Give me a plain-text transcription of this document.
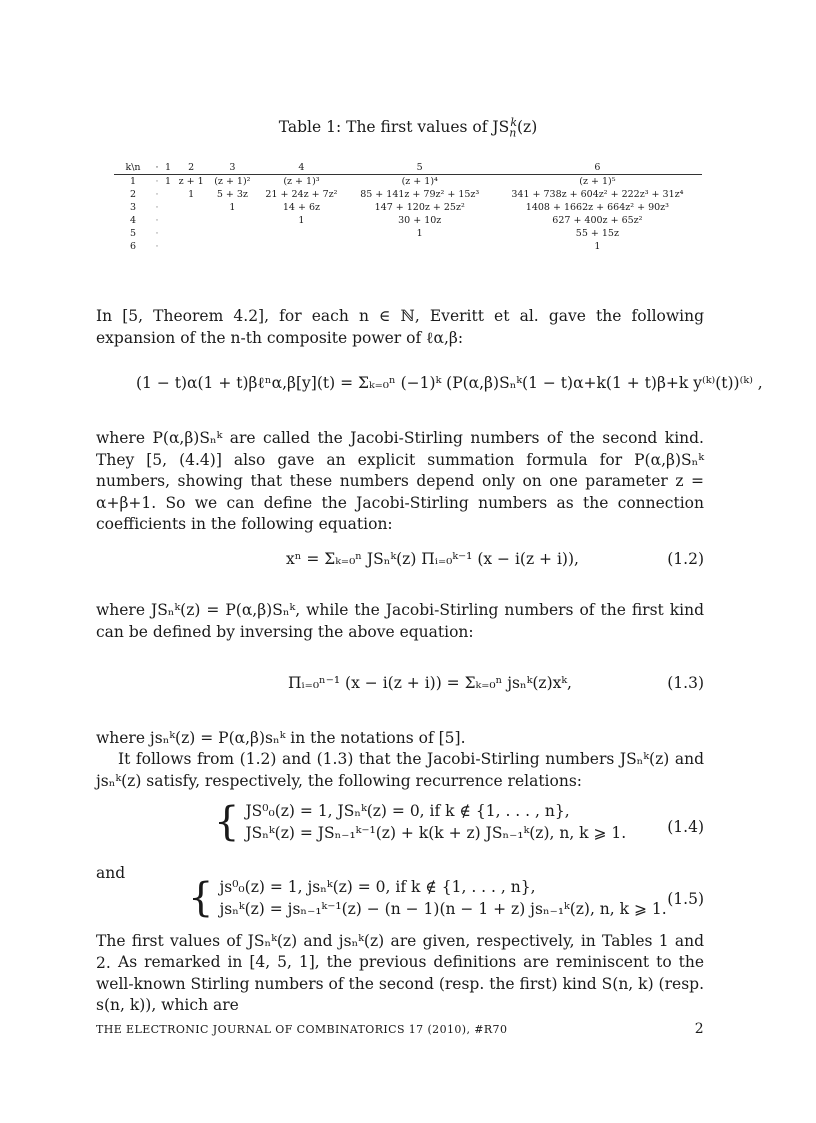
Table 1: The first values of $JS_n^k(z)$
k\n	·	1	2	3	4	5	6
1	·	1	z + 1	(z + 1)²	(z + 1)³	(z + 1)⁴	(z + 1)⁵
2	·		1	5 + 3z	21 + 24z + 7z²	85 + 141z + 79z² + 15z³	341 + 738z + 604z² + 222z³ + 31z⁴
3	·			1	14 + 6z	147 + 120z + 25z²	1408 + 1662z + 664z² + 90z³
4	·				1	30 + 10z	627 + 400z + 65z²
5	·					1	55 + 15z
6	·						1
In [5, Theorem 4.2], for each n ∈ ℕ, Everitt et al. gave the following expansion of the n-th composite power of ℓα,β:
(1 − t)α(1 + t)βℓⁿα,β[y](t) = Σₖ₌₀ⁿ (−1)ᵏ (P(α,β)Sₙᵏ(1 − t)α+k(1 + t)β+k y⁽ᵏ⁾(t))⁽ᵏ⁾ ,
where P(α,β)Sₙᵏ are called the Jacobi-Stirling numbers of the second kind. They [5, (4.4)] also gave an explicit summation formula for P(α,β)Sₙᵏ numbers, showing that these numbers depend only on one parameter z = α+β+1. So we can define the Jacobi-Stirling numbers as the connection coefficients in the following equation:
xⁿ = Σₖ₌₀ⁿ JSₙᵏ(z) Πᵢ₌₀ᵏ⁻¹ (x − i(z + i)),	(1.2)
where JSₙᵏ(z) = P(α,β)Sₙᵏ, while the Jacobi-Stirling numbers of the first kind can be defined by inversing the above equation:
Πᵢ₌₀ⁿ⁻¹ (x − i(z + i)) = Σₖ₌₀ⁿ jsₙᵏ(z)xᵏ,	(1.3)
where jsₙᵏ(z) = P(α,β)sₙᵏ in the notations of [5].
It follows from (1.2) and (1.3) that the Jacobi-Stirling numbers JSₙᵏ(z) and jsₙᵏ(z) satisfy, respectively, the following recurrence relations:
{ JS⁰₀(z) = 1, JSₙᵏ(z) = 0, if k ∉ {1, . . . , n},
JSₙᵏ(z) = JSₙ₋₁ᵏ⁻¹(z) + k(k + z) JSₙ₋₁ᵏ(z), n, k ⩾ 1.	(1.4)
and
{ js⁰₀(z) = 1, jsₙᵏ(z) = 0, if k ∉ {1, . . . , n},
jsₙᵏ(z) = jsₙ₋₁ᵏ⁻¹(z) − (n − 1)(n − 1 + z) jsₙ₋₁ᵏ(z), n, k ⩾ 1.
(1.5)
The first values of JSₙᵏ(z) and jsₙᵏ(z) are given, respectively, in Tables 1 and 2. As remarked in [4, 5, 1], the previous definitions are reminiscent to the well-known Stirling numbers of the second (resp. the first) kind S(n, k) (resp. s(n, k)), which are
THE ELECTRONIC JOURNAL OF COMBINATORICS 17 (2010), #R70	2
